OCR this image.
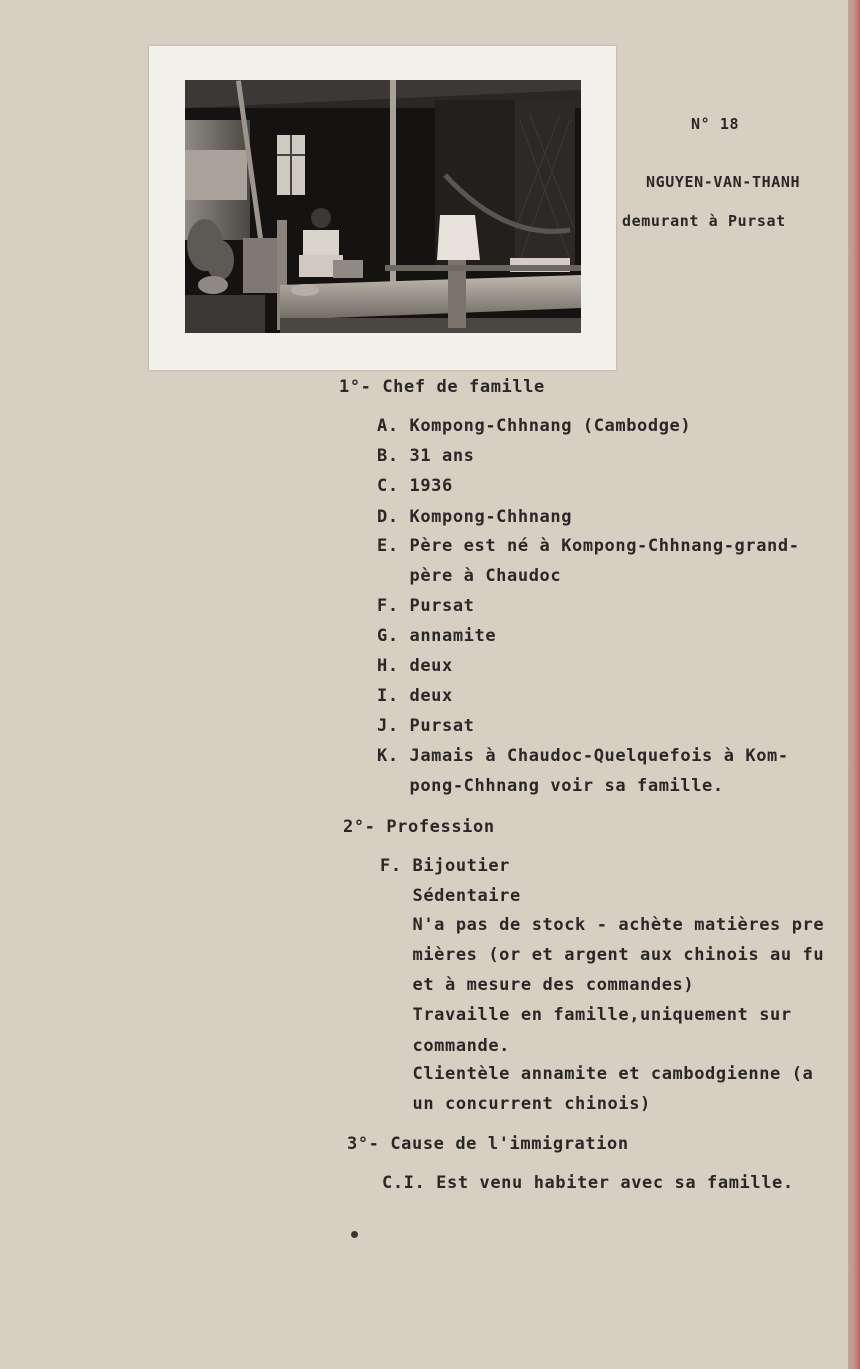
N° 18

NGUYEN-VAN-THANH

demurant à Pursat

1°- Chef de famille

A. Kompong-Chhnang (Cambodge)

B. 31 ans

C. 1936

D. Kompong-Chhnang

E. Père est né à Kompong-Chhnang-grand-

père à Chaudoc

F. Pursat

G. annamite

H. deux

I. deux

J. Pursat

K. Jamais à Chaudoc-Quelquefois à Kom-

pong-Chhnang voir sa famille.

2°- Profession

F. Bijoutier

Sédentaire

N'a pas de stock - achète matières pre

mières (or et argent aux chinois au fu

et à mesure des commandes)

Travaille en famille,uniquement sur

commande.

Clientèle annamite et cambodgienne (a

un concurrent chinois)

3°- Cause de l'immigration

C.I. Est venu habiter avec sa famille.
